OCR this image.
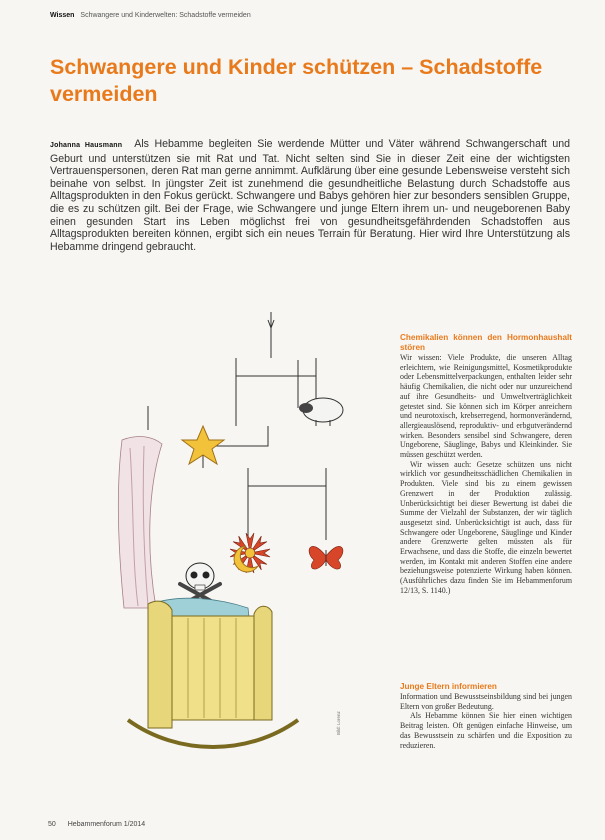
Wissen Schwangere und Kinderwelten: Schadstoffe vermeiden
Schwangere und Kinder schützen – Schadstoffe vermeiden

Johanna Hausmann Als Hebamme begleiten Sie werdende Mütter und Väter während Schwangerschaft und Geburt und unterstützen sie mit Rat und Tat. Nicht selten sind Sie in dieser Zeit eine der wichtigsten Vertrauenspersonen, deren Rat man gerne annimmt. Aufklärung über eine gesunde Lebensweise versteht sich beinahe von selbst. In jüngster Zeit ist zunehmend die gesundheitliche Belastung durch Schadstoffe aus Alltagsprodukten in den Fokus gerückt. Schwangere und Babys gehören hier zur besonders sensiblen Gruppe, die es zu schützen gilt. Bei der Frage, wie Schwangere und junge Eltern ihrem un- und neugeborenen Baby einen gesunden Start ins Leben möglichst frei von gesundheitsgefährdenden Schadstoffen aus Alltagsprodukten bereiten können, ergibt sich ein neues Terrain für Beratung. Hier wird Ihre Unterstützung als Hebamme dringend gebraucht.

Bild: Lorenz
Chemikalien können den Hormonhaushalt stören

Wir wissen: Viele Produkte, die unseren Alltag erleichtern, wie Reinigungsmittel, Kosmetikprodukte oder Lebensmittelverpackungen, enthalten leider sehr häufig Chemikalien, die nicht oder nur unzureichend auf ihre Gesundheits- und Umweltverträglichkeit getestet sind. Sie können sich im Körper anreichern und neurotoxisch, krebserregend, hormonverändernd, allergieauslösend, reproduktiv- und erbgutverändernd wirken. Besonders sensibel sind Schwangere, deren Ungeborene, Säuglinge, Babys und Kleinkinder. Sie müssen geschützt werden.

Wir wissen auch: Gesetze schützen uns nicht wirklich vor gesundheitsschädlichen Chemikalien in Produkten. Viele sind bis zu einem gewissen Grenzwert in der Produktion zulässig. Unberücksichtigt bei dieser Bewertung ist dabei die Summe der Vielzahl der Substanzen, der wir täglich ausgesetzt sind. Unberücksichtigt ist auch, dass für Schwangere oder Ungeborene, Säuglinge und Kinder andere Grenzwerte gelten müssten als für Erwachsene, und dass die Stoffe, die einzeln bewertet werden, im Kontakt mit anderen Stoffen eine andere beziehungsweise potenzierte Wirkung haben können. (Ausführliches dazu finden Sie im Hebammenforum 12/13, S. 1140.)

Junge Eltern informieren

Information und Bewusstseinsbildung sind bei jungen Eltern von großer Bedeutung.

Als Hebamme können Sie hier einen wichtigen Beitrag leisten. Oft genügen einfache Hinweise, um das Bewusstsein zu schärfen und die Exposition zu reduzieren.

50 Hebammenforum 1/2014
